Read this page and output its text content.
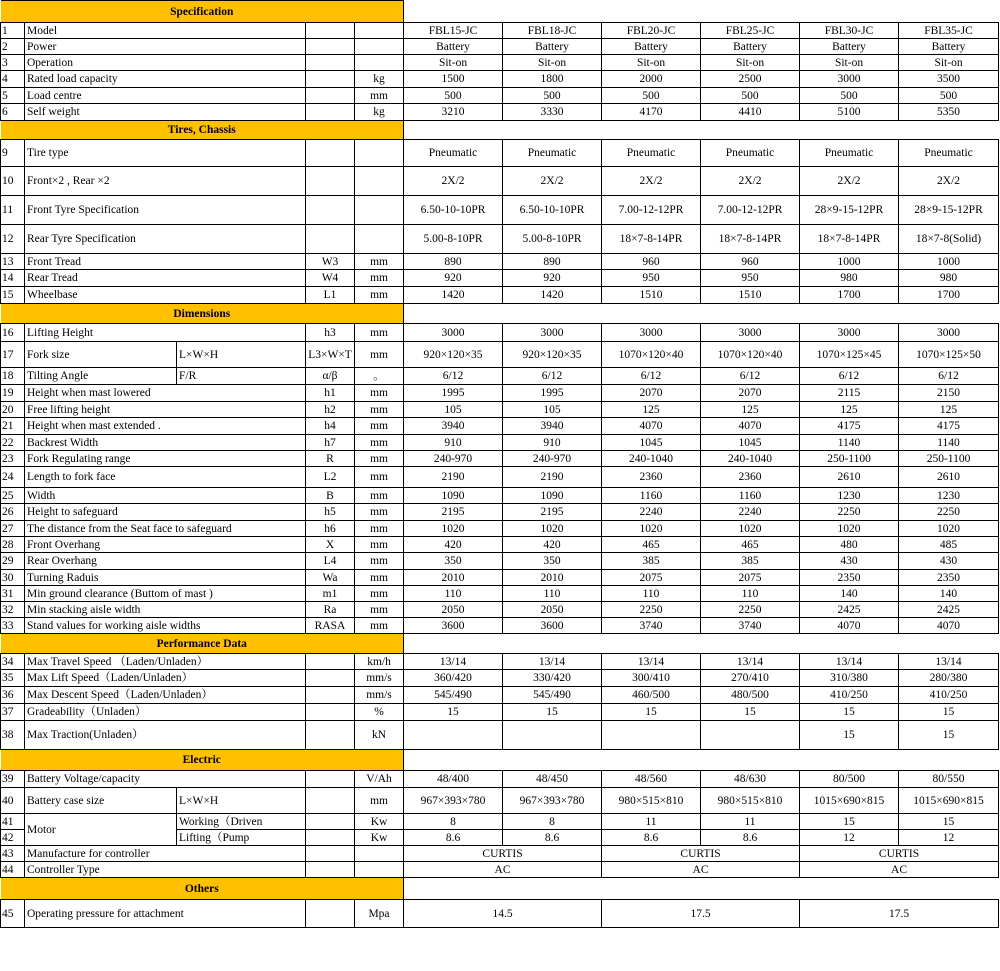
Specification										
1	Model				FBL15-JC	FBL18-JC	FBL20-JC	FBL25-JC	FBL30-JC	FBL35-JC
2	Power				Battery	Battery	Battery	Battery	Battery	Battery
3	Operation				Sit-on	Sit-on	Sit-on	Sit-on	Sit-on	Sit-on
4	Rated load capacity			kg	1500	1800	2000	2500	3000	3500
5	Load centre			mm	500	500	500	500	500	500
6	Self weight			kg	3210	3330	4170	4410	5100	5350
Tires, Chassis										
9	Tire type				Pneumatic	Pneumatic	Pneumatic	Pneumatic	Pneumatic	Pneumatic
10	Front×2 , Rear ×2				2X/2	2X/2	2X/2	2X/2	2X/2	2X/2
11	Front Tyre Specification				6.50-10-10PR	6.50-10-10PR	7.00-12-12PR	7.00-12-12PR	28×9-15-12PR	28×9-15-12PR
12	Rear Tyre Specification				5.00-8-10PR	5.00-8-10PR	18×7-8-14PR	18×7-8-14PR	18×7-8-14PR	18×7-8(Solid)
13	Front Tread		W3	mm	890	890	960	960	1000	1000
14	Rear Tread		W4	mm	920	920	950	950	980	980
15	Wheelbase		L1	mm	1420	1420	1510	1510	1700	1700
Dimensions										
16	Lifting Height		h3	mm	3000	3000	3000	3000	3000	3000
17	Fork size	L×W×H	L3×W×T	mm	920×120×35	920×120×35	1070×120×40	1070×120×40	1070×125×45	1070×125×50
18	Tilting Angle	F/R	α/β	。	6/12	6/12	6/12	6/12	6/12	6/12
19	Height when mast lowered		h1	mm	1995	1995	2070	2070	2115	2150
20	Free lifting height		h2	mm	105	105	125	125	125	125
21	Height when mast extended .		h4	mm	3940	3940	4070	4070	4175	4175
22	Backrest Width		h7	mm	910	910	1045	1045	1140	1140
23	Fork Regulating range		R	mm	240-970	240-970	240-1040	240-1040	250-1100	250-1100
24	Length to fork face		L2	mm	2190	2190	2360	2360	2610	2610
25	Width		B	mm	1090	1090	1160	1160	1230	1230
26	Height to safeguard		h5	mm	2195	2195	2240	2240	2250	2250
27	The distance from the Seat face to safeguard		h6	mm	1020	1020	1020	1020	1020	1020
28	Front Overhang		X	mm	420	420	465	465	480	485
29	Rear Overhang		L4	mm	350	350	385	385	430	430
30	Turning Raduis		Wa	mm	2010	2010	2075	2075	2350	2350
31	Min ground clearance (Buttom of mast )		m1	mm	110	110	110	110	140	140
32	Min stacking aisle width		Ra	mm	2050	2050	2250	2250	2425	2425
33	Stand values for working aisle widths		RASA	mm	3600	3600	3740	3740	4070	4070
Performance Data										
34	Max Travel Speed （Laden/Unladen）			km/h	13/14	13/14	13/14	13/14	13/14	13/14
35	Max Lift Speed（Laden/Unladen）			mm/s	360/420	330/420	300/410	270/410	310/380	280/380
36	Max Descent Speed（Laden/Unladen）			mm/s	545/490	545/490	460/500	480/500	410/250	410/250
37	Gradeability（Unladen）			%	15	15	15	15	15	15
38	Max Traction(Unladen）			kN					15	15
Electric										
39	Battery Voltage/capacity			V/Ah	48/400	48/450	48/560	48/630	80/500	80/550
40	Battery case size	L×W×H		mm	967×393×780	967×393×780	980×515×810	980×515×810	1015×690×815	1015×690×815
41	Motor	Working（Driven		Kw	8	8	11	11	15	15
42		Lifting（Pump		Kw	8.6	8.6	8.6	8.6	12	12
43	Manufacture for controller				CURTIS		CURTIS		CURTIS	
44	Controller Type				AC		AC		AC	
Others										
45	Operating pressure for attachment			Mpa	14.5		17.5		17.5	
